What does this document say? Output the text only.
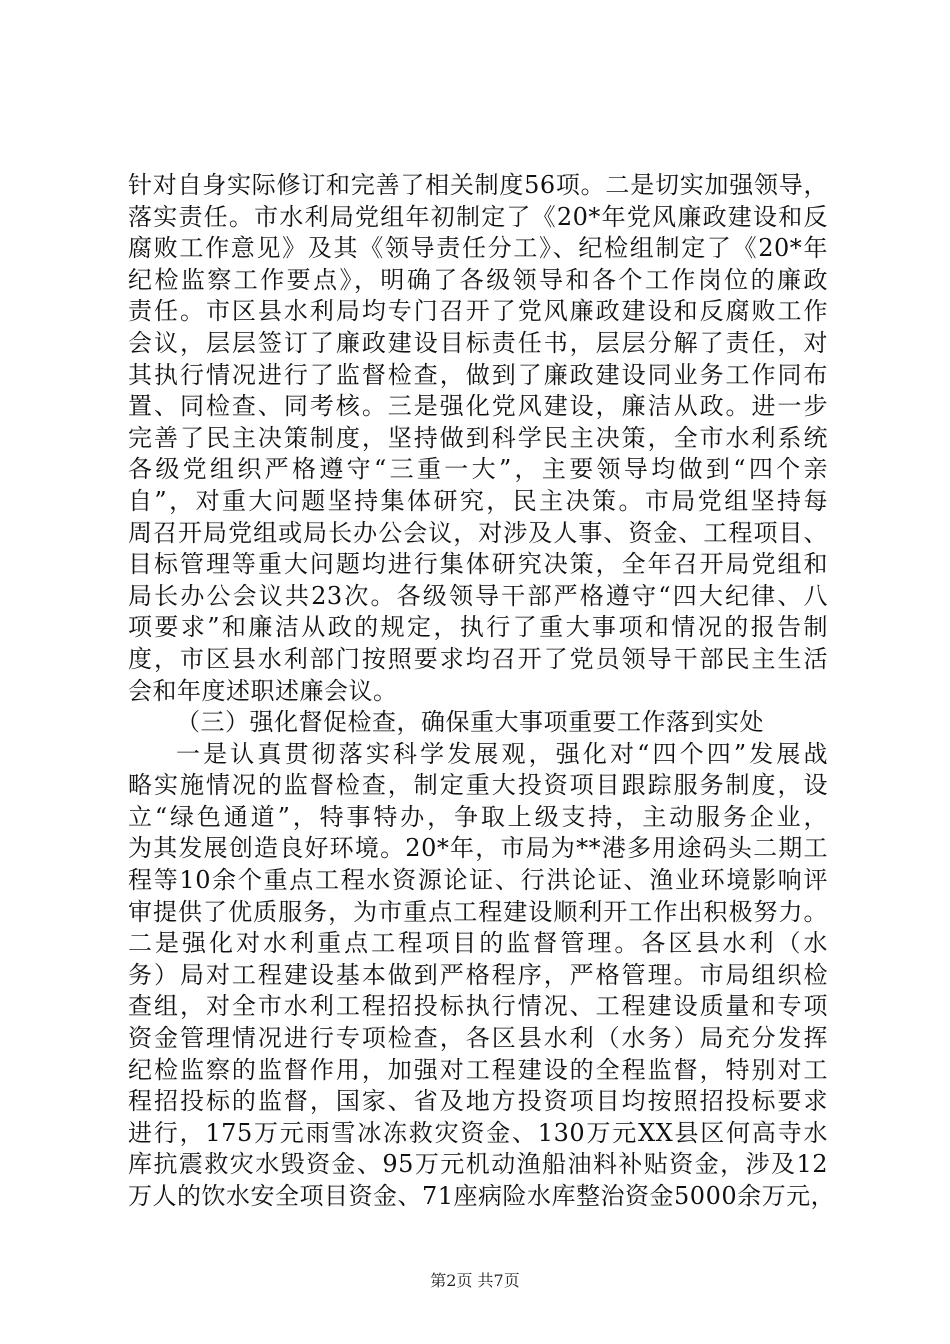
针对自身实际修订和完善了相关制度56项。二是切实加强领导，
落实责任。市水利局党组年初制定了《20*年党风廉政建设和反
腐败工作意见》及其《领导责任分工》、纪检组制定了《20*年
纪检监察工作要点》，明确了各级领导和各个工作岗位的廉政
责任。市区县水利局均专门召开了党风廉政建设和反腐败工作
会议，层层签订了廉政建设目标责任书，层层分解了责任，对
其执行情况进行了监督检查，做到了廉政建设同业务工作同布
置、同检查、同考核。三是强化党风建设，廉洁从政。进一步
完善了民主决策制度，坚持做到科学民主决策，全市水利系统
各级党组织严格遵守“三重一大”，主要领导均做到“四个亲
自”，对重大问题坚持集体研究，民主决策。市局党组坚持每
周召开局党组或局长办公会议，对涉及人事、资金、工程项目、
目标管理等重大问题均进行集体研究决策，全年召开局党组和
局长办公会议共23次。各级领导干部严格遵守“四大纪律、八
项要求”和廉洁从政的规定，执行了重大事项和情况的报告制
度，市区县水利部门按照要求均召开了党员领导干部民主生活
会和年度述职述廉会议。
（三）强化督促检查，确保重大事项重要工作落到实处
一是认真贯彻落实科学发展观，强化对“四个四”发展战
略实施情况的监督检查，制定重大投资项目跟踪服务制度，设
立“绿色通道”，特事特办，争取上级支持，主动服务企业，
为其发展创造良好环境。20*年，市局为**港多用途码头二期工
程等10余个重点工程水资源论证、行洪论证、渔业环境影响评
审提供了优质服务，为市重点工程建设顺利开工作出积极努力。
二是强化对水利重点工程项目的监督管理。各区县水利（水
务）局对工程建设基本做到严格程序，严格管理。市局组织检
查组，对全市水利工程招投标执行情况、工程建设质量和专项
资金管理情况进行专项检查，各区县水利（水务）局充分发挥
纪检监察的监督作用，加强对工程建设的全程监督，特别对工
程招投标的监督，国家、省及地方投资项目均按照招投标要求
进行，175万元雨雪冰冻救灾资金、130万元XX县区何高寺水
库抗震救灾水毁资金、95万元机动渔船油料补贴资金，涉及12
万人的饮水安全项目资金、71座病险水库整治资金5000余万元，
第2页 共7页
